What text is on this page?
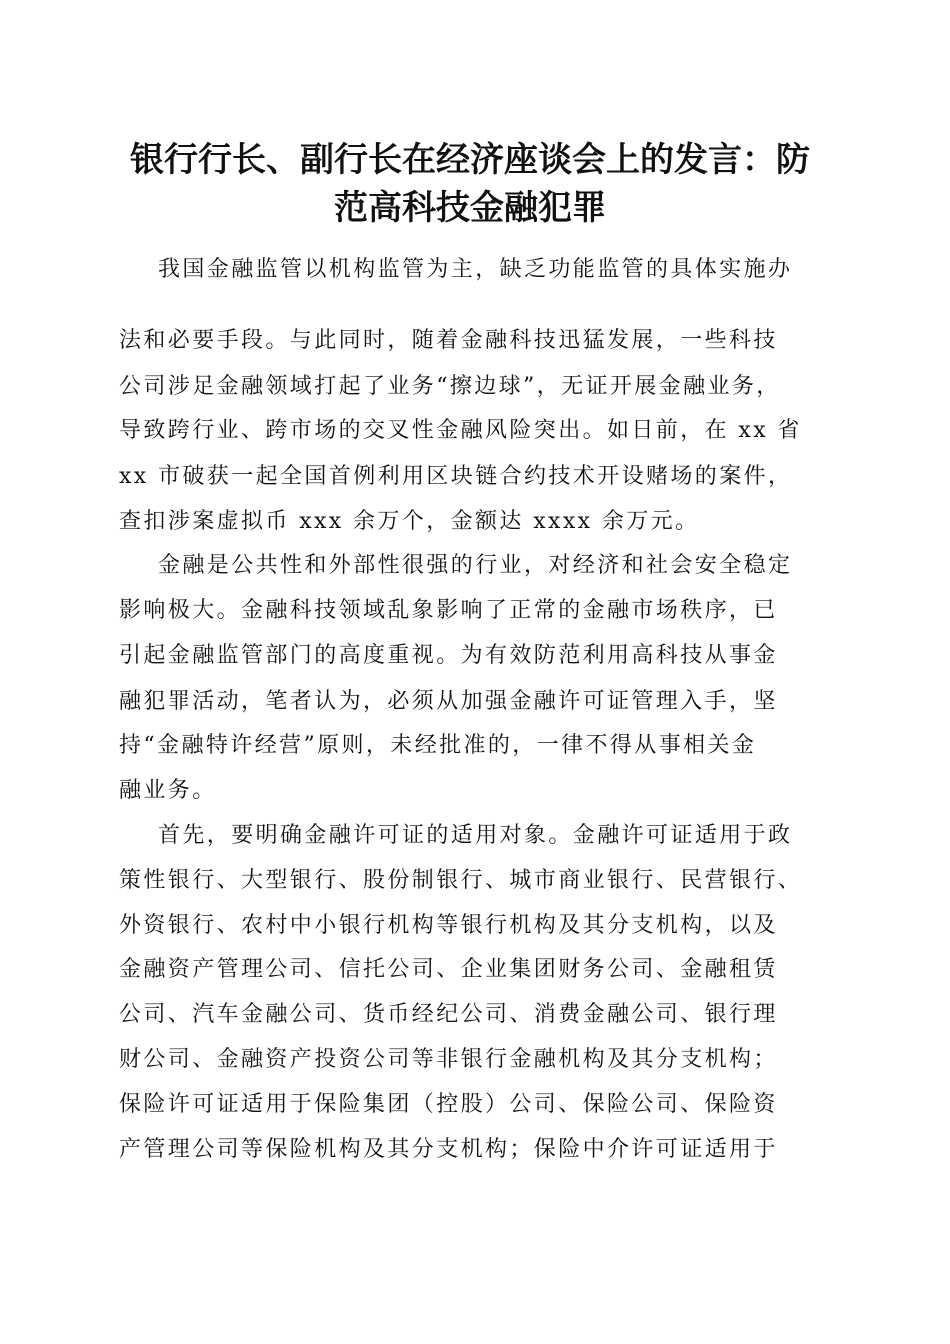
银行行长、副行长在经济座谈会上的发言：防
范高科技金融犯罪

我国金融监管以机构监管为主，缺乏功能监管的具体实施办

法和必要手段。与此同时，随着金融科技迅猛发展，一些科技

公司涉足金融领域打起了业务“擦边球”，无证开展金融业务，

导致跨行业、跨市场的交叉性金融风险突出。如日前，在 xx 省

xx 市破获一起全国首例利用区块链合约技术开设赌场的案件，

查扣涉案虚拟币 xxx 余万个，金额达 xxxx 余万元。

金融是公共性和外部性很强的行业，对经济和社会安全稳定

影响极大。金融科技领域乱象影响了正常的金融市场秩序，已

引起金融监管部门的高度重视。为有效防范利用高科技从事金

融犯罪活动，笔者认为，必须从加强金融许可证管理入手，坚

持“金融特许经营”原则，未经批准的，一律不得从事相关金

融业务。

首先，要明确金融许可证的适用对象。金融许可证适用于政

策性银行、大型银行、股份制银行、城市商业银行、民营银行、

外资银行、农村中小银行机构等银行机构及其分支机构，以及

金融资产管理公司、信托公司、企业集团财务公司、金融租赁

公司、汽车金融公司、货币经纪公司、消费金融公司、银行理

财公司、金融资产投资公司等非银行金融机构及其分支机构；

保险许可证适用于保险集团（控股）公司、保险公司、保险资

产管理公司等保险机构及其分支机构；保险中介许可证适用于
